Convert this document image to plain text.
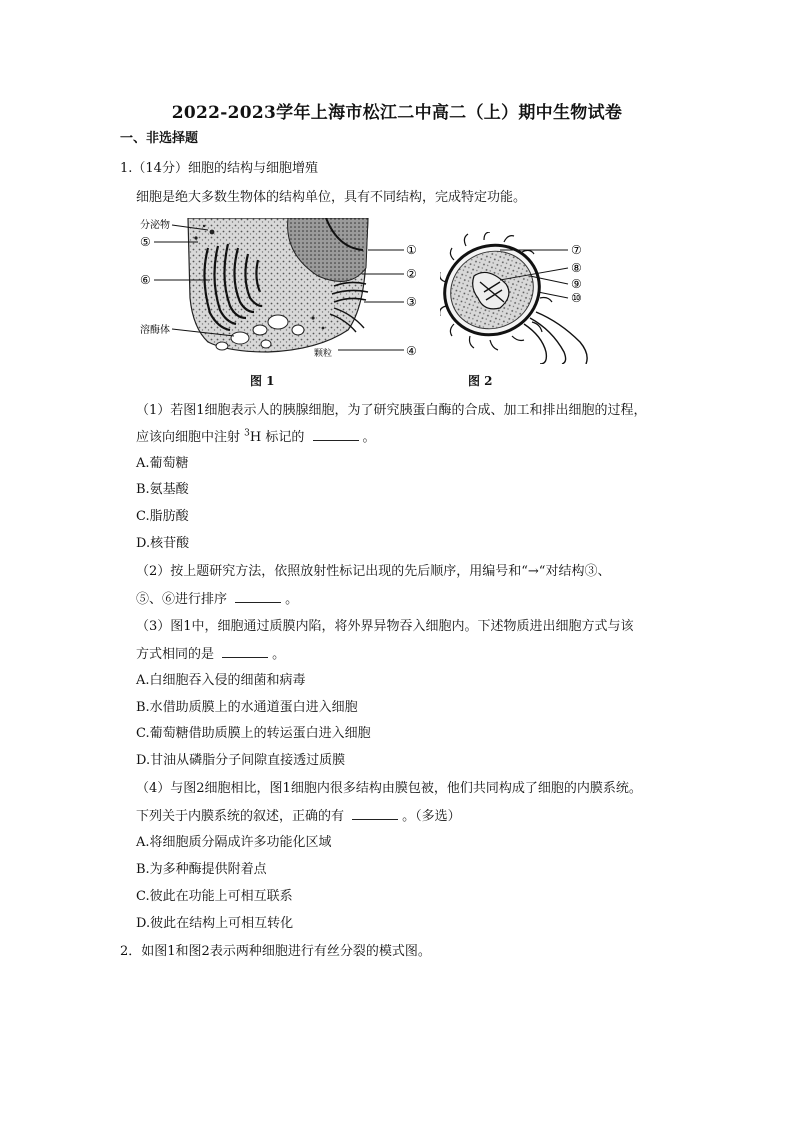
2022-2023学年上海市松江二中高二（上）期中生物试卷
一、非选择题
1.（14分）细胞的结构与细胞增殖
细胞是绝大多数生物体的结构单位，具有不同结构，完成特定功能。
分泌物
⑤
⑥
溶酶体
颗粒
①
②
③
④
⑦
⑧
⑨
⑩
图 1	图 2
（1）若图1细胞表示人的胰腺细胞，为了研究胰蛋白酶的合成、加工和排出细胞的过程，
应该向细胞中注射 $^3$H 标记的	。
A.葡萄糖
B.氨基酸
C.脂肪酸
D.核苷酸
（2）按上题研究方法，依照放射性标记出现的先后顺序，用编号和“→“对结构③、
⑤、⑥进行排序	。
（3）图1中，细胞通过质膜内陷，将外界异物吞入细胞内。下述物质进出细胞方式与该
方式相同的是	。
A.白细胞吞入侵的细菌和病毒
B.水借助质膜上的水通道蛋白进入细胞
C.葡萄糖借助质膜上的转运蛋白进入细胞
D.甘油从磷脂分子间隙直接透过质膜
（4）与图2细胞相比，图1细胞内很多结构由膜包被，他们共同构成了细胞的内膜系统。
下列关于内膜系统的叙述，正确的有	。（多选）
A.将细胞质分隔成许多功能化区域
B.为多种酶提供附着点
C.彼此在功能上可相互联系
D.彼此在结构上可相互转化
2．如图1和图2表示两种细胞进行有丝分裂的模式图。
